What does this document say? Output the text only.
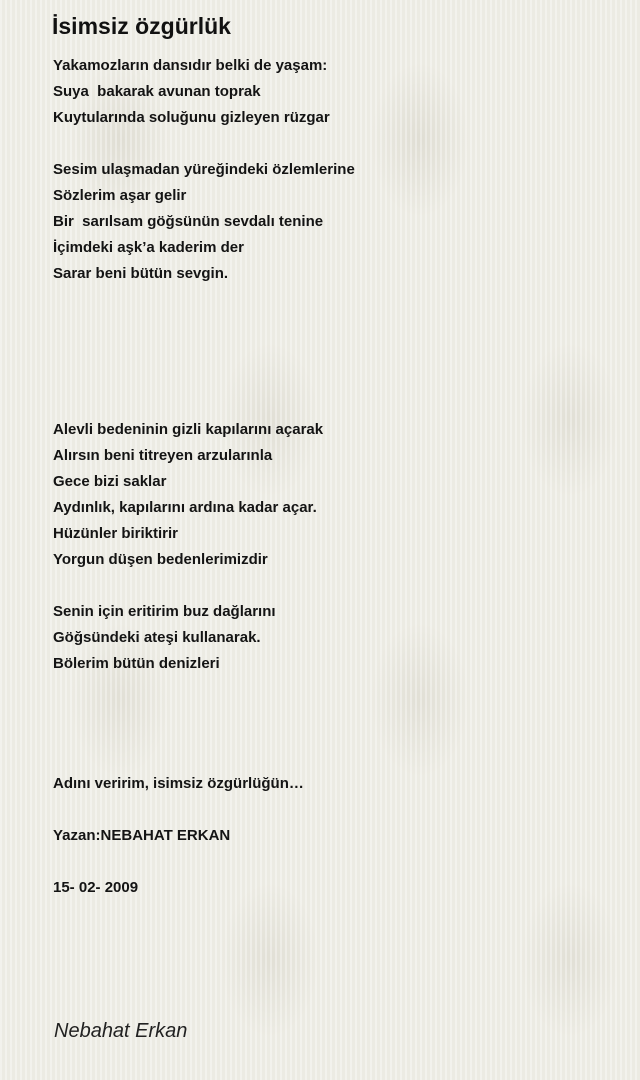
İsimsiz özgürlük
Yakamozların dansıdır belki de yaşam:
Suya  bakarak avunan toprak
Kuytularında soluğunu gizleyen rüzgar
Sesim ulaşmadan yüreğindeki özlemlerine
Sözlerim aşar gelir
Bir  sarılsam göğsünün sevdalı tenine
İçimdeki aşk’a kaderim der
Sarar beni bütün sevgin.
Alevli bedeninin gizli kapılarını açarak
Alırsın beni titreyen arzularınla
Gece bizi saklar
Aydınlık, kapılarını ardına kadar açar.
Hüzünler biriktirir
Yorgun düşen bedenlerimizdir
Senin için eritirim buz dağlarını
Göğsündeki ateşi kullanarak.
Bölerim bütün denizleri
Adını veririm, isimsiz özgürlüğün…
Yazan:NEBAHAT ERKAN
15- 02- 2009
Nebahat Erkan
